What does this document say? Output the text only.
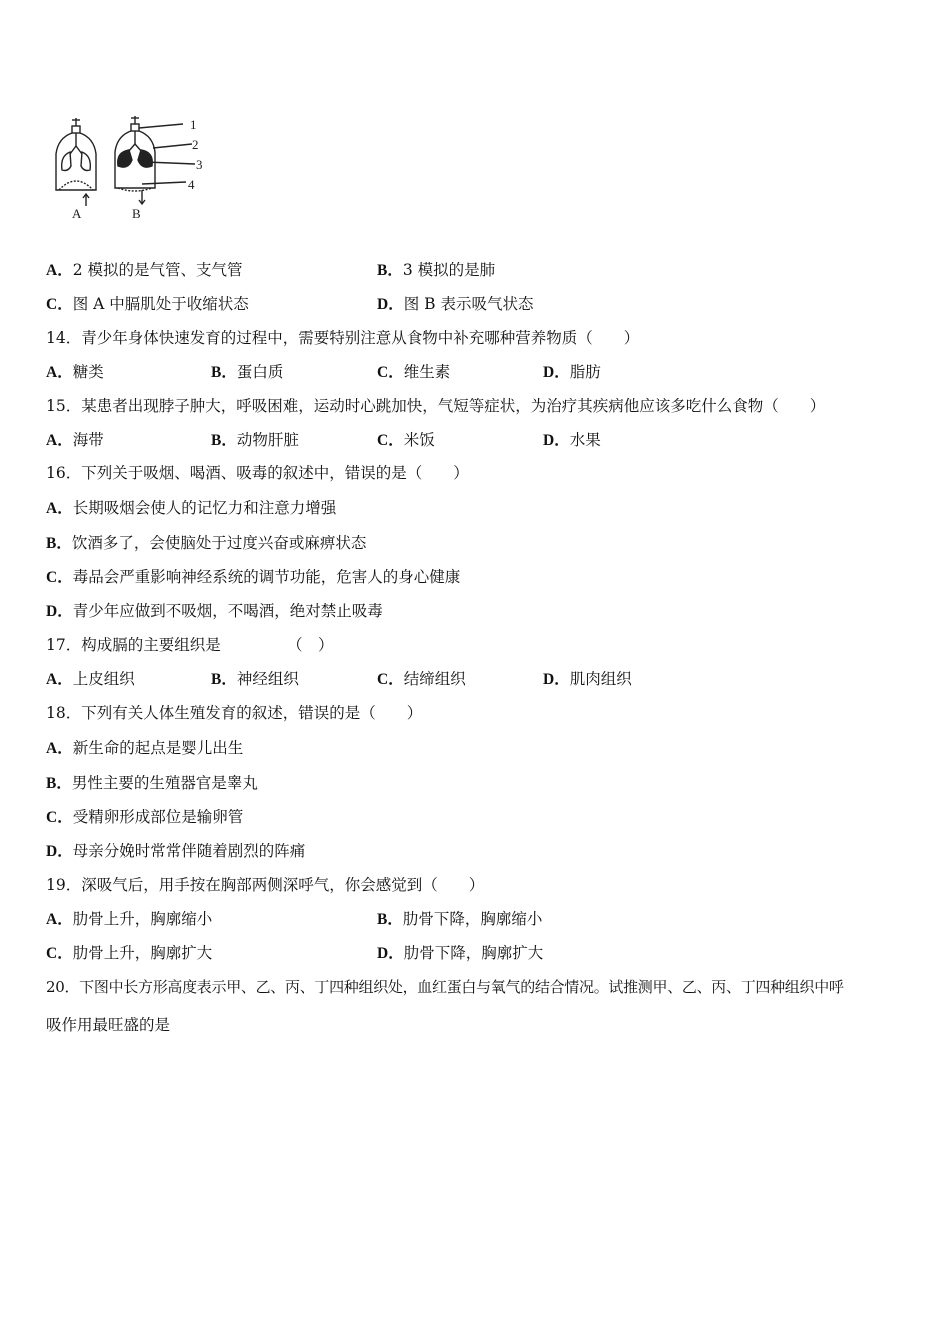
A	B
1
2
3
4
A．2 模拟的是气管、支气管	B．3 模拟的是肺
C．图 A 中膈肌处于收缩状态	D．图 B 表示吸气状态
14．青少年身体快速发育的过程中，需要特别注意从食物中补充哪种营养物质（　　）
A．糖类	B．蛋白质	C．维生素	D．脂肪
15．某患者出现脖子肿大，呼吸困难，运动时心跳加快，气短等症状，为治疗其疾病他应该多吃什么食物（　　）
A．海带	B．动物肝脏	C．米饭	D．水果
16．下列关于吸烟、喝酒、吸毒的叙述中，错误的是（　　）
A．长期吸烟会使人的记忆力和注意力增强
B．饮酒多了，会使脑处于过度兴奋或麻痹状态
C．毒品会严重影响神经系统的调节功能，危害人的身心健康
D．青少年应做到不吸烟，不喝酒，绝对禁止吸毒
17．构成膈的主要组织是	（　）
A．上皮组织	B．神经组织	C．结缔组织	D．肌肉组织
18．下列有关人体生殖发育的叙述，错误的是（　　）
A．新生命的起点是婴儿出生
B．男性主要的生殖器官是睾丸
C．受精卵形成部位是输卵管
D．母亲分娩时常常伴随着剧烈的阵痛
19．深吸气后，用手按在胸部两侧深呼气，你会感觉到（　　）
A．肋骨上升，胸廓缩小	B．肋骨下降，胸廓缩小
C．肋骨上升，胸廓扩大	D．肋骨下降，胸廓扩大
20．下图中长方形高度表示甲、乙、丙、丁四种组织处，血红蛋白与氧气的结合情况。试推测甲、乙、丙、丁四种组织中呼
吸作用最旺盛的是
